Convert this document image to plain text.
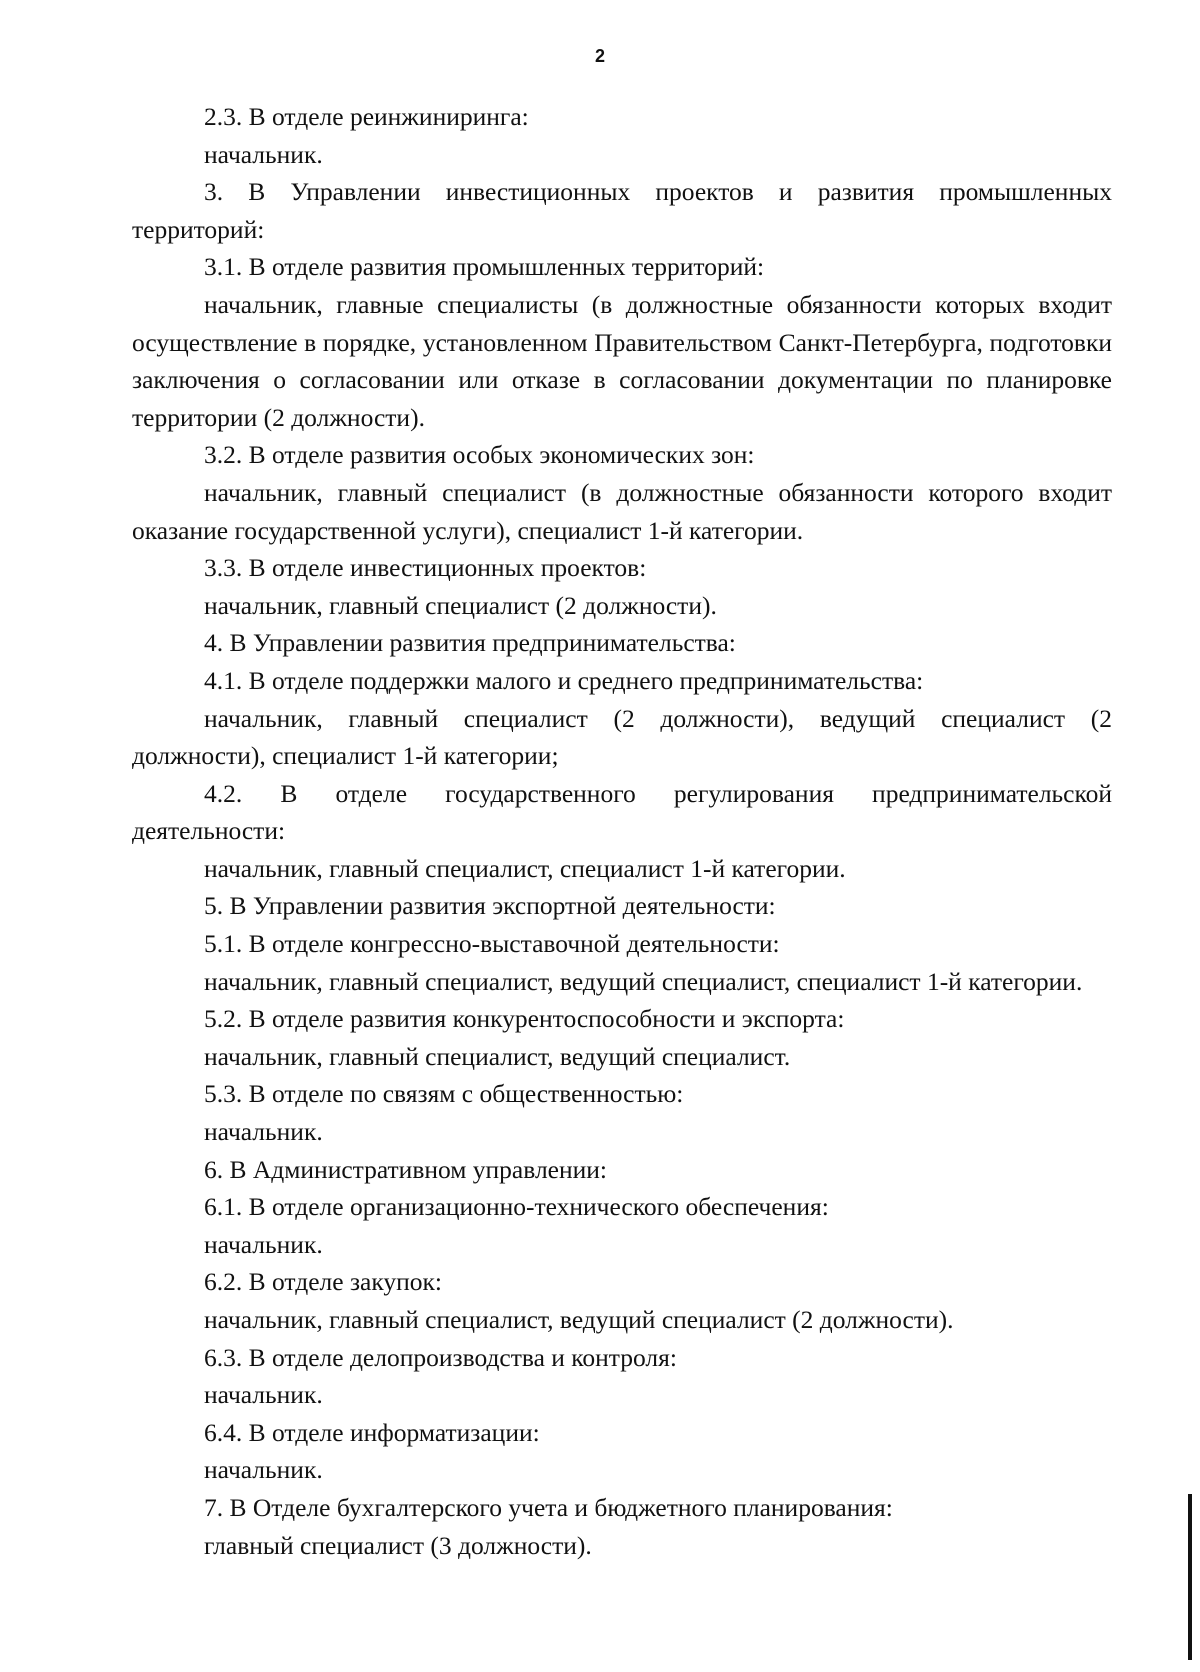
2

2.3. В отделе реинжиниринга:

начальник.

3. В Управлении инвестиционных проектов и развития промышленных территорий:

3.1. В отделе развития промышленных территорий:

начальник, главные специалисты (в должностные обязанности которых входит осуществление в порядке, установленном Правительством Санкт-Петербурга, подготовки заключения о согласовании или отказе в согласовании документации по планировке территории (2 должности).

3.2. В отделе развития особых экономических зон:

начальник, главный специалист (в должностные обязанности которого входит оказание государственной услуги), специалист 1-й категории.

3.3. В отделе инвестиционных проектов:

начальник, главный специалист (2 должности).

4. В Управлении развития предпринимательства:

4.1. В отделе поддержки малого и среднего предпринимательства:

начальник, главный специалист (2 должности), ведущий специалист (2 должности), специалист 1-й категории;

4.2. В отделе государственного регулирования предпринимательской деятельности:

начальник, главный специалист, специалист 1-й категории.

5. В Управлении развития экспортной деятельности:

5.1. В отделе конгрессно-выставочной деятельности:

начальник, главный специалист, ведущий специалист, специалист 1-й категории.

5.2. В отделе развития конкурентоспособности и экспорта:

начальник, главный специалист, ведущий специалист.

5.3. В отделе по связям с общественностью:

начальник.

6. В Административном управлении:

6.1. В отделе организационно-технического обеспечения:

начальник.

6.2. В отделе закупок:

начальник, главный специалист, ведущий специалист (2 должности).

6.3. В отделе делопроизводства и контроля:

начальник.

6.4. В отделе информатизации:

начальник.

7. В Отделе бухгалтерского учета и бюджетного планирования:

главный специалист (3 должности).
